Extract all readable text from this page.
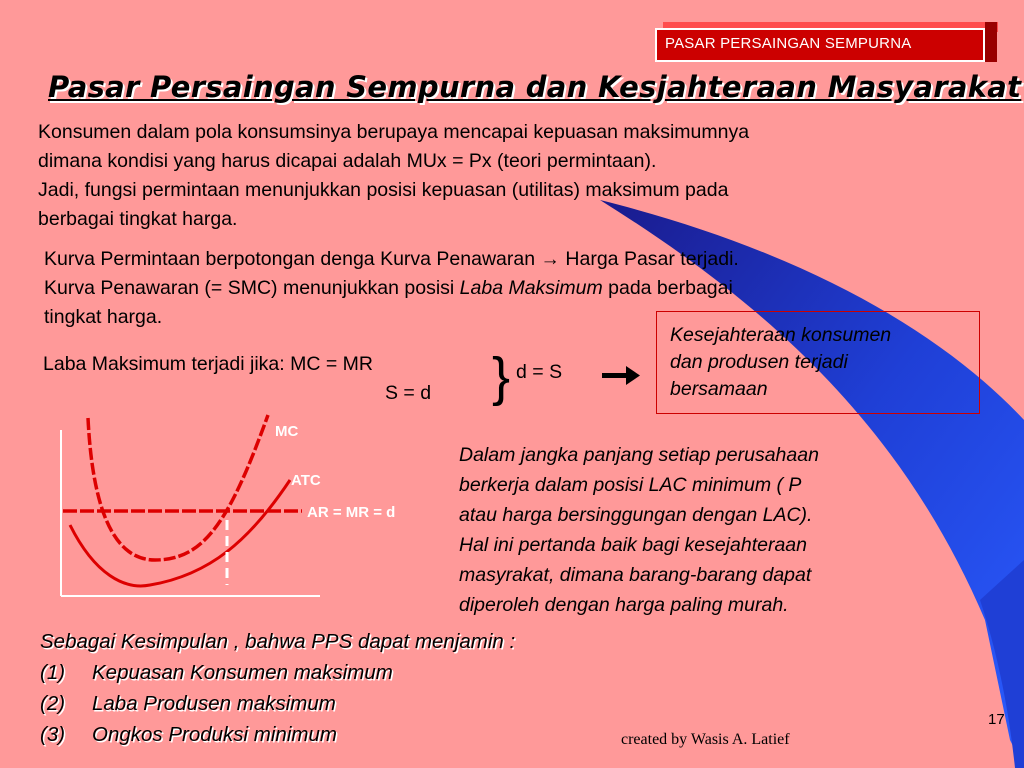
PASAR PERSAINGAN SEMPURNA
Pasar Persaingan Sempurna dan Kesjahteraan Masyarakat
Konsumen dalam pola konsumsinya berupaya mencapai kepuasan maksimumnya
dimana kondisi yang harus dicapai adalah MUx = Px (teori permintaan).
Jadi, fungsi permintaan menunjukkan posisi kepuasan (utilitas) maksimum pada
berbagai tingkat harga.
Kurva Permintaan berpotongan denga Kurva Penawaran → Harga Pasar terjadi.
Kurva Penawaran (= SMC) menunjukkan posisi Laba Maksimum pada berbagai
tingkat harga.
Laba Maksimum terjadi jika: MC = MR
S = d } d = S
Kesejahteraan konsumen
dan produsen terjadi
bersamaan
MC
ATC
AR = MR = d
Dalam jangka panjang setiap perusahaan
berkerja dalam posisi LAC minimum ( P
atau harga bersinggungan dengan LAC).
Hal ini pertanda baik bagi kesejahteraan
masyrakat, dimana barang-barang dapat
diperoleh dengan harga paling murah.
Sebagai Kesimpulan , bahwa PPS dapat menjamin :
(1) Kepuasan Konsumen maksimum
(2) Laba Produsen maksimum
(3) Ongkos Produksi minimum
17
created by Wasis A. Latief
